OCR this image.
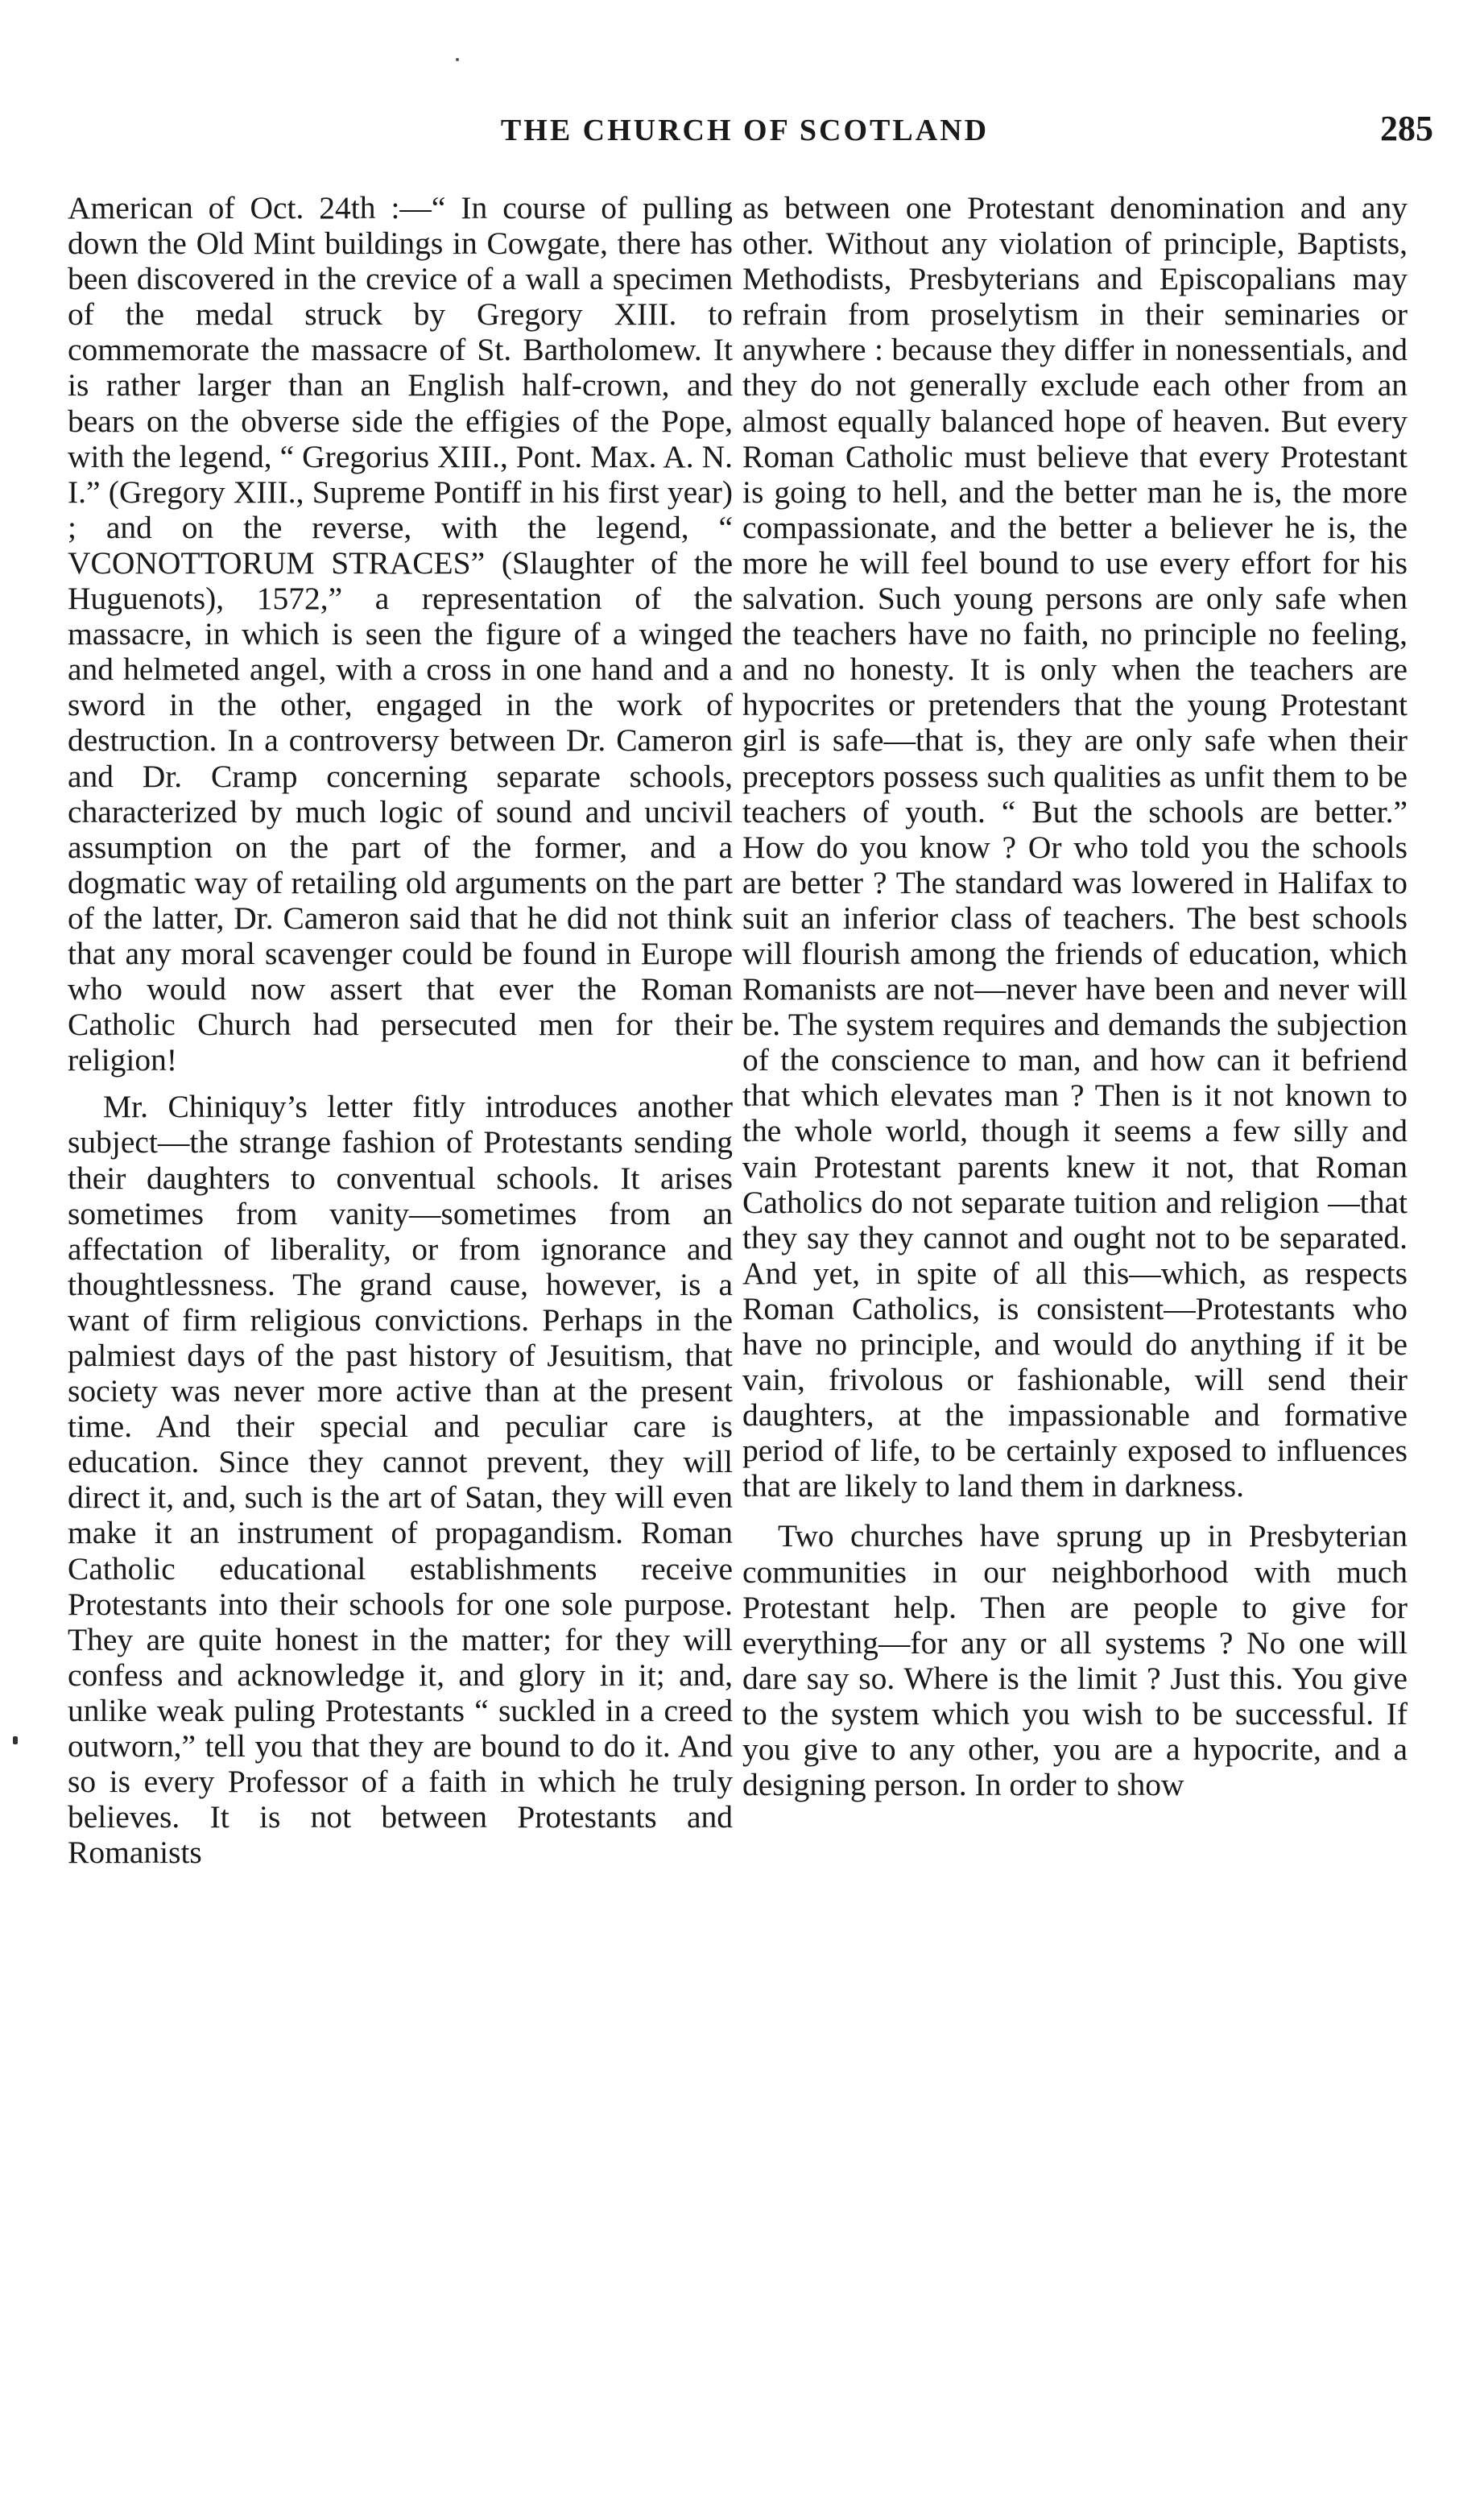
THE CHURCH OF SCOTLAND	285

American of Oct. 24th :—“ In course of pulling down the Old Mint buildings in Cowgate, there has been discovered in the crevice of a wall a specimen of the medal struck by Gregory XIII. to commemorate the massacre of St. Bartholomew. It is rather larger than an English half-crown, and bears on the obverse side the effigies of the Pope, with the legend, “ Gregorius XIII., Pont. Max. A. N. I.” (Gregory XIII., Supreme Pontiff in his first year) ; and on the reverse, with the legend, “ VCONOTTORUM STRACES” (Slaughter of the Huguenots), 1572,” a representation of the massacre, in which is seen the figure of a winged and helmeted angel, with a cross in one hand and a sword in the other, engaged in the work of destruction. In a controversy between Dr. Cameron and Dr. Cramp concerning separate schools, characterized by much logic of sound and uncivil assumption on the part of the former, and a dogmatic way of retailing old arguments on the part of the latter, Dr. Cameron said that he did not think that any moral scavenger could be found in Europe who would now assert that ever the Roman Catholic Church had persecuted men for their religion!

Mr. Chiniquy’s letter fitly introduces another subject—the strange fashion of Protestants sending their daughters to conventual schools. It arises sometimes from vanity—sometimes from an affectation of liberality, or from ignorance and thoughtlessness. The grand cause, however, is a want of firm religious convictions. Perhaps in the palmiest days of the past history of Jesuitism, that society was never more active than at the present time. And their special and peculiar care is education. Since they cannot prevent, they will direct it, and, such is the art of Satan, they will even make it an instrument of propagandism. Roman Catholic educational establishments receive Protestants into their schools for one sole purpose. They are quite honest in the matter; for they will confess and acknowledge it, and glory in it; and, unlike weak puling Protestants “ suckled in a creed outworn,” tell you that they are bound to do it. And so is every Professor of a faith in which he truly believes. It is not between Protestants and Romanists

as between one Protestant denomination and any other. Without any violation of principle, Baptists, Methodists, Presbyterians and Episcopalians may refrain from proselytism in their seminaries or anywhere : because they differ in nonessentials, and they do not generally exclude each other from an almost equally balanced hope of heaven. But every Roman Catholic must believe that every Protestant is going to hell, and the better man he is, the more compassionate, and the better a believer he is, the more he will feel bound to use every effort for his salvation. Such young persons are only safe when the teachers have no faith, no principle no feeling, and no honesty. It is only when the teachers are hypocrites or pretenders that the young Protestant girl is safe—that is, they are only safe when their preceptors possess such qualities as unfit them to be teachers of youth. “ But the schools are better.” How do you know ? Or who told you the schools are better ? The standard was lowered in Halifax to suit an inferior class of teachers. The best schools will flourish among the friends of education, which Romanists are not—never have been and never will be. The system requires and demands the subjection of the conscience to man, and how can it befriend that which elevates man ? Then is it not known to the whole world, though it seems a few silly and vain Protestant parents knew it not, that Roman Catholics do not separate tuition and religion —that they say they cannot and ought not to be separated. And yet, in spite of all this—which, as respects Roman Catholics, is consistent—Protestants who have no principle, and would do anything if it be vain, frivolous or fashionable, will send their daughters, at the impassionable and formative period of life, to be certainly exposed to influences that are likely to land them in darkness.

Two churches have sprung up in Presbyterian communities in our neighborhood with much Protestant help. Then are people to give for everything—for any or all systems ? No one will dare say so. Where is the limit ? Just this. You give to the system which you wish to be successful. If you give to any other, you are a hypocrite, and a designing person. In order to show
